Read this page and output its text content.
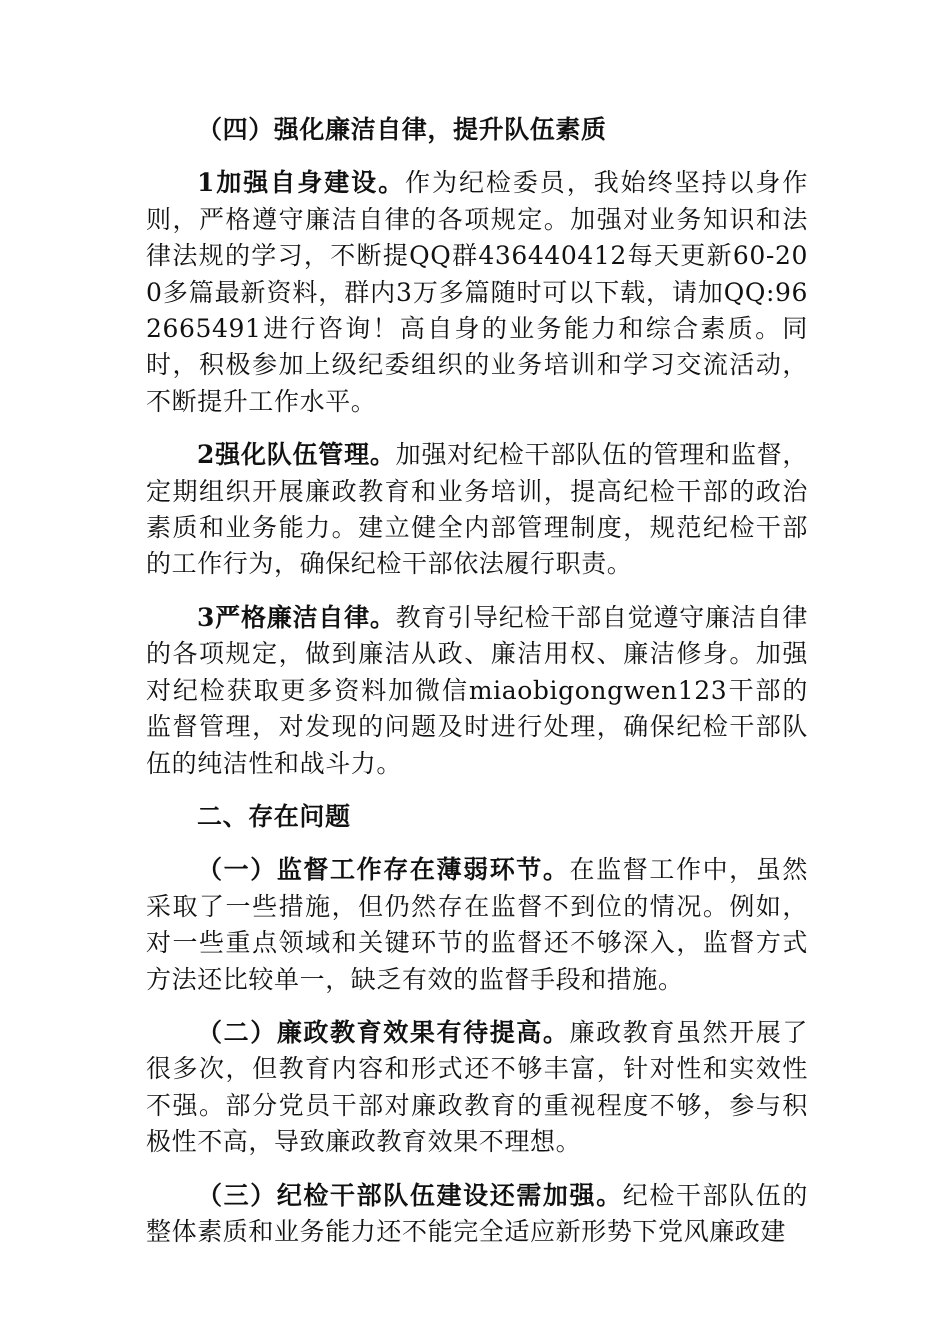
（四）强化廉洁自律，提升队伍素质

1加强自身建设。作为纪检委员，我始终坚持以身作则，严格遵守廉洁自律的各项规定。加强对业务知识和法律法规的学习，不断提QQ群436440412每天更新60-200多篇最新资料，群内3万多篇随时可以下载，请加QQ:962665491进行咨询！高自身的业务能力和综合素质。同时，积极参加上级纪委组织的业务培训和学习交流活动，不断提升工作水平。

2强化队伍管理。加强对纪检干部队伍的管理和监督，定期组织开展廉政教育和业务培训，提高纪检干部的政治素质和业务能力。建立健全内部管理制度，规范纪检干部的工作行为，确保纪检干部依法履行职责。

3严格廉洁自律。教育引导纪检干部自觉遵守廉洁自律的各项规定，做到廉洁从政、廉洁用权、廉洁修身。加强对纪检获取更多资料加微信miaobigongwen123干部的监督管理，对发现的问题及时进行处理，确保纪检干部队伍的纯洁性和战斗力。

二、存在问题

（一）监督工作存在薄弱环节。在监督工作中，虽然采取了一些措施，但仍然存在监督不到位的情况。例如，对一些重点领域和关键环节的监督还不够深入，监督方式方法还比较单一，缺乏有效的监督手段和措施。

（二）廉政教育效果有待提高。廉政教育虽然开展了很多次，但教育内容和形式还不够丰富，针对性和实效性不强。部分党员干部对廉政教育的重视程度不够，参与积极性不高，导致廉政教育效果不理想。

（三）纪检干部队伍建设还需加强。纪检干部队伍的整体素质和业务能力还不能完全适应新形势下党风廉政建
